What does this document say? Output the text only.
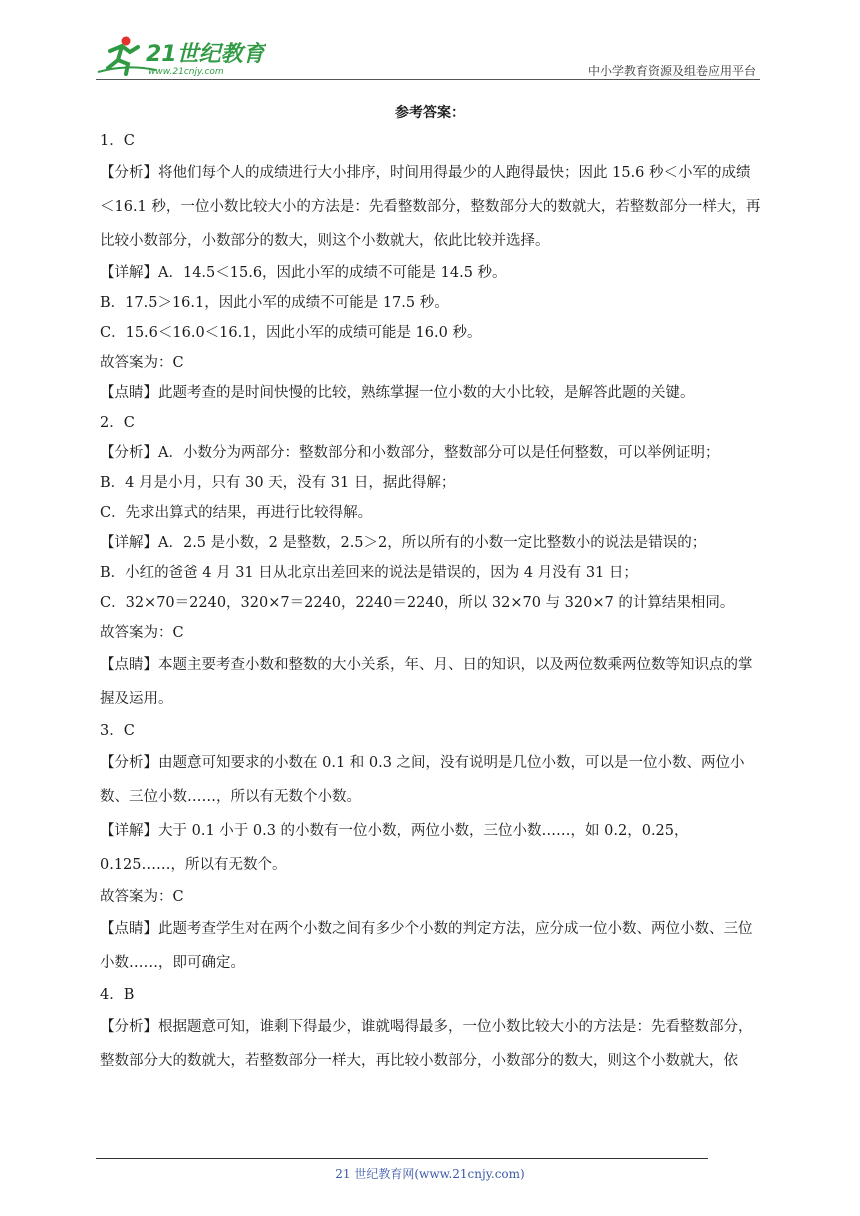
21世纪教育
www.21cnjy.com	中小学教育资源及组卷应用平台
参考答案：

1．C

【分析】将他们每个人的成绩进行大小排序，时间用得最少的人跑得最快；因此 15.6 秒＜小军的成绩＜16.1 秒，一位小数比较大小的方法是：先看整数部分，整数部分大的数就大，若整数部分一样大，再比较小数部分，小数部分的数大，则这个小数就大，依此比较并选择。

【详解】A．14.5＜15.6，因此小军的成绩不可能是 14.5 秒。

B．17.5＞16.1，因此小军的成绩不可能是 17.5 秒。

C．15.6＜16.0＜16.1，因此小军的成绩可能是 16.0 秒。

故答案为：C

【点睛】此题考查的是时间快慢的比较，熟练掌握一位小数的大小比较，是解答此题的关键。

2．C

【分析】A．小数分为两部分：整数部分和小数部分，整数部分可以是任何整数，可以举例证明；

B．4 月是小月，只有 30 天，没有 31 日，据此得解；

C．先求出算式的结果，再进行比较得解。

【详解】A．2.5 是小数，2 是整数，2.5＞2，所以所有的小数一定比整数小的说法是错误的；

B．小红的爸爸 4 月 31 日从北京出差回来的说法是错误的，因为 4 月没有 31 日；

C．32×70＝2240，320×7＝2240，2240＝2240，所以 32×70 与 320×7 的计算结果相同。

故答案为：C

【点睛】本题主要考查小数和整数的大小关系，年、月、日的知识，以及两位数乘两位数等知识点的掌握及运用。

3．C

【分析】由题意可知要求的小数在 0.1 和 0.3 之间，没有说明是几位小数，可以是一位小数、两位小数、三位小数……，所以有无数个小数。

【详解】大于 0.1 小于 0.3 的小数有一位小数，两位小数，三位小数……，如 0.2，0.25，0.125……，所以有无数个。

故答案为：C

【点睛】此题考查学生对在两个小数之间有多少个小数的判定方法，应分成一位小数、两位小数、三位小数……，即可确定。

4．B

【分析】根据题意可知，谁剩下得最少，谁就喝得最多，一位小数比较大小的方法是：先看整数部分，整数部分大的数就大，若整数部分一样大，再比较小数部分，小数部分的数大，则这个小数就大，依

21 世纪教育网(www.21cnjy.com)
